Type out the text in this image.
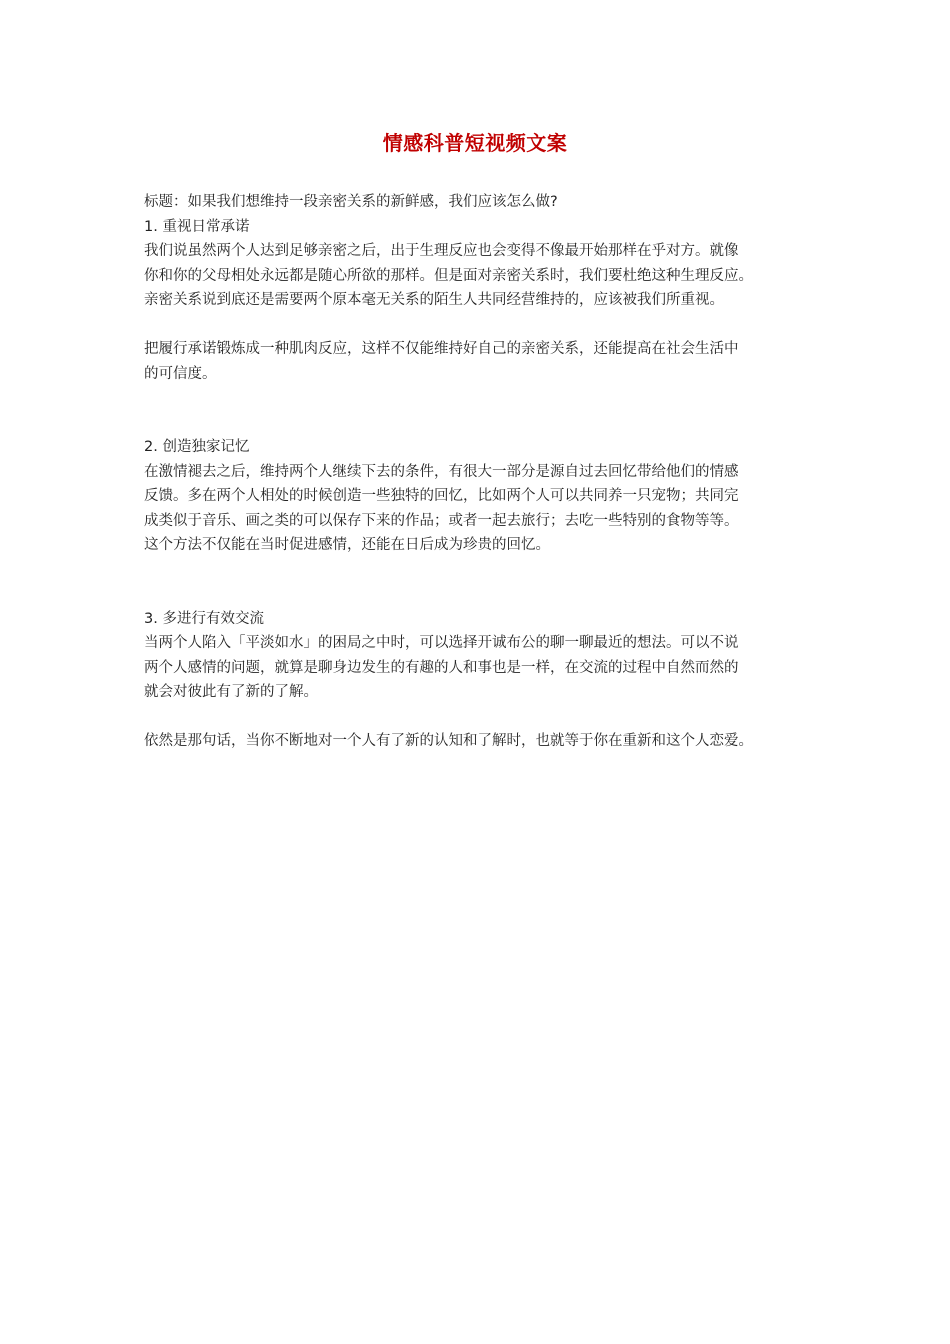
情感科普短视频文案
标题：如果我们想维持一段亲密关系的新鲜感，我们应该怎么做?
1. 重视日常承诺
我们说虽然两个人达到足够亲密之后，出于生理反应也会变得不像最开始那样在乎对方。就像
你和你的父母相处永远都是随心所欲的那样。但是面对亲密关系时，我们要杜绝这种生理反应。
亲密关系说到底还是需要两个原本毫无关系的陌生人共同经营维持的，应该被我们所重视。
把履行承诺锻炼成一种肌肉反应，这样不仅能维持好自己的亲密关系，还能提高在社会生活中
的可信度。
2. 创造独家记忆
在激情褪去之后，维持两个人继续下去的条件，有很大一部分是源自过去回忆带给他们的情感
反馈。多在两个人相处的时候创造一些独特的回忆，比如两个人可以共同养一只宠物；共同完
成类似于音乐、画之类的可以保存下来的作品；或者一起去旅行；去吃一些特别的食物等等。
这个方法不仅能在当时促进感情，还能在日后成为珍贵的回忆。
3. 多进行有效交流
当两个人陷入「平淡如水」的困局之中时，可以选择开诚布公的聊一聊最近的想法。可以不说
两个人感情的问题，就算是聊身边发生的有趣的人和事也是一样，在交流的过程中自然而然的
就会对彼此有了新的了解。
依然是那句话，当你不断地对一个人有了新的认知和了解时，也就等于你在重新和这个人恋爱。
